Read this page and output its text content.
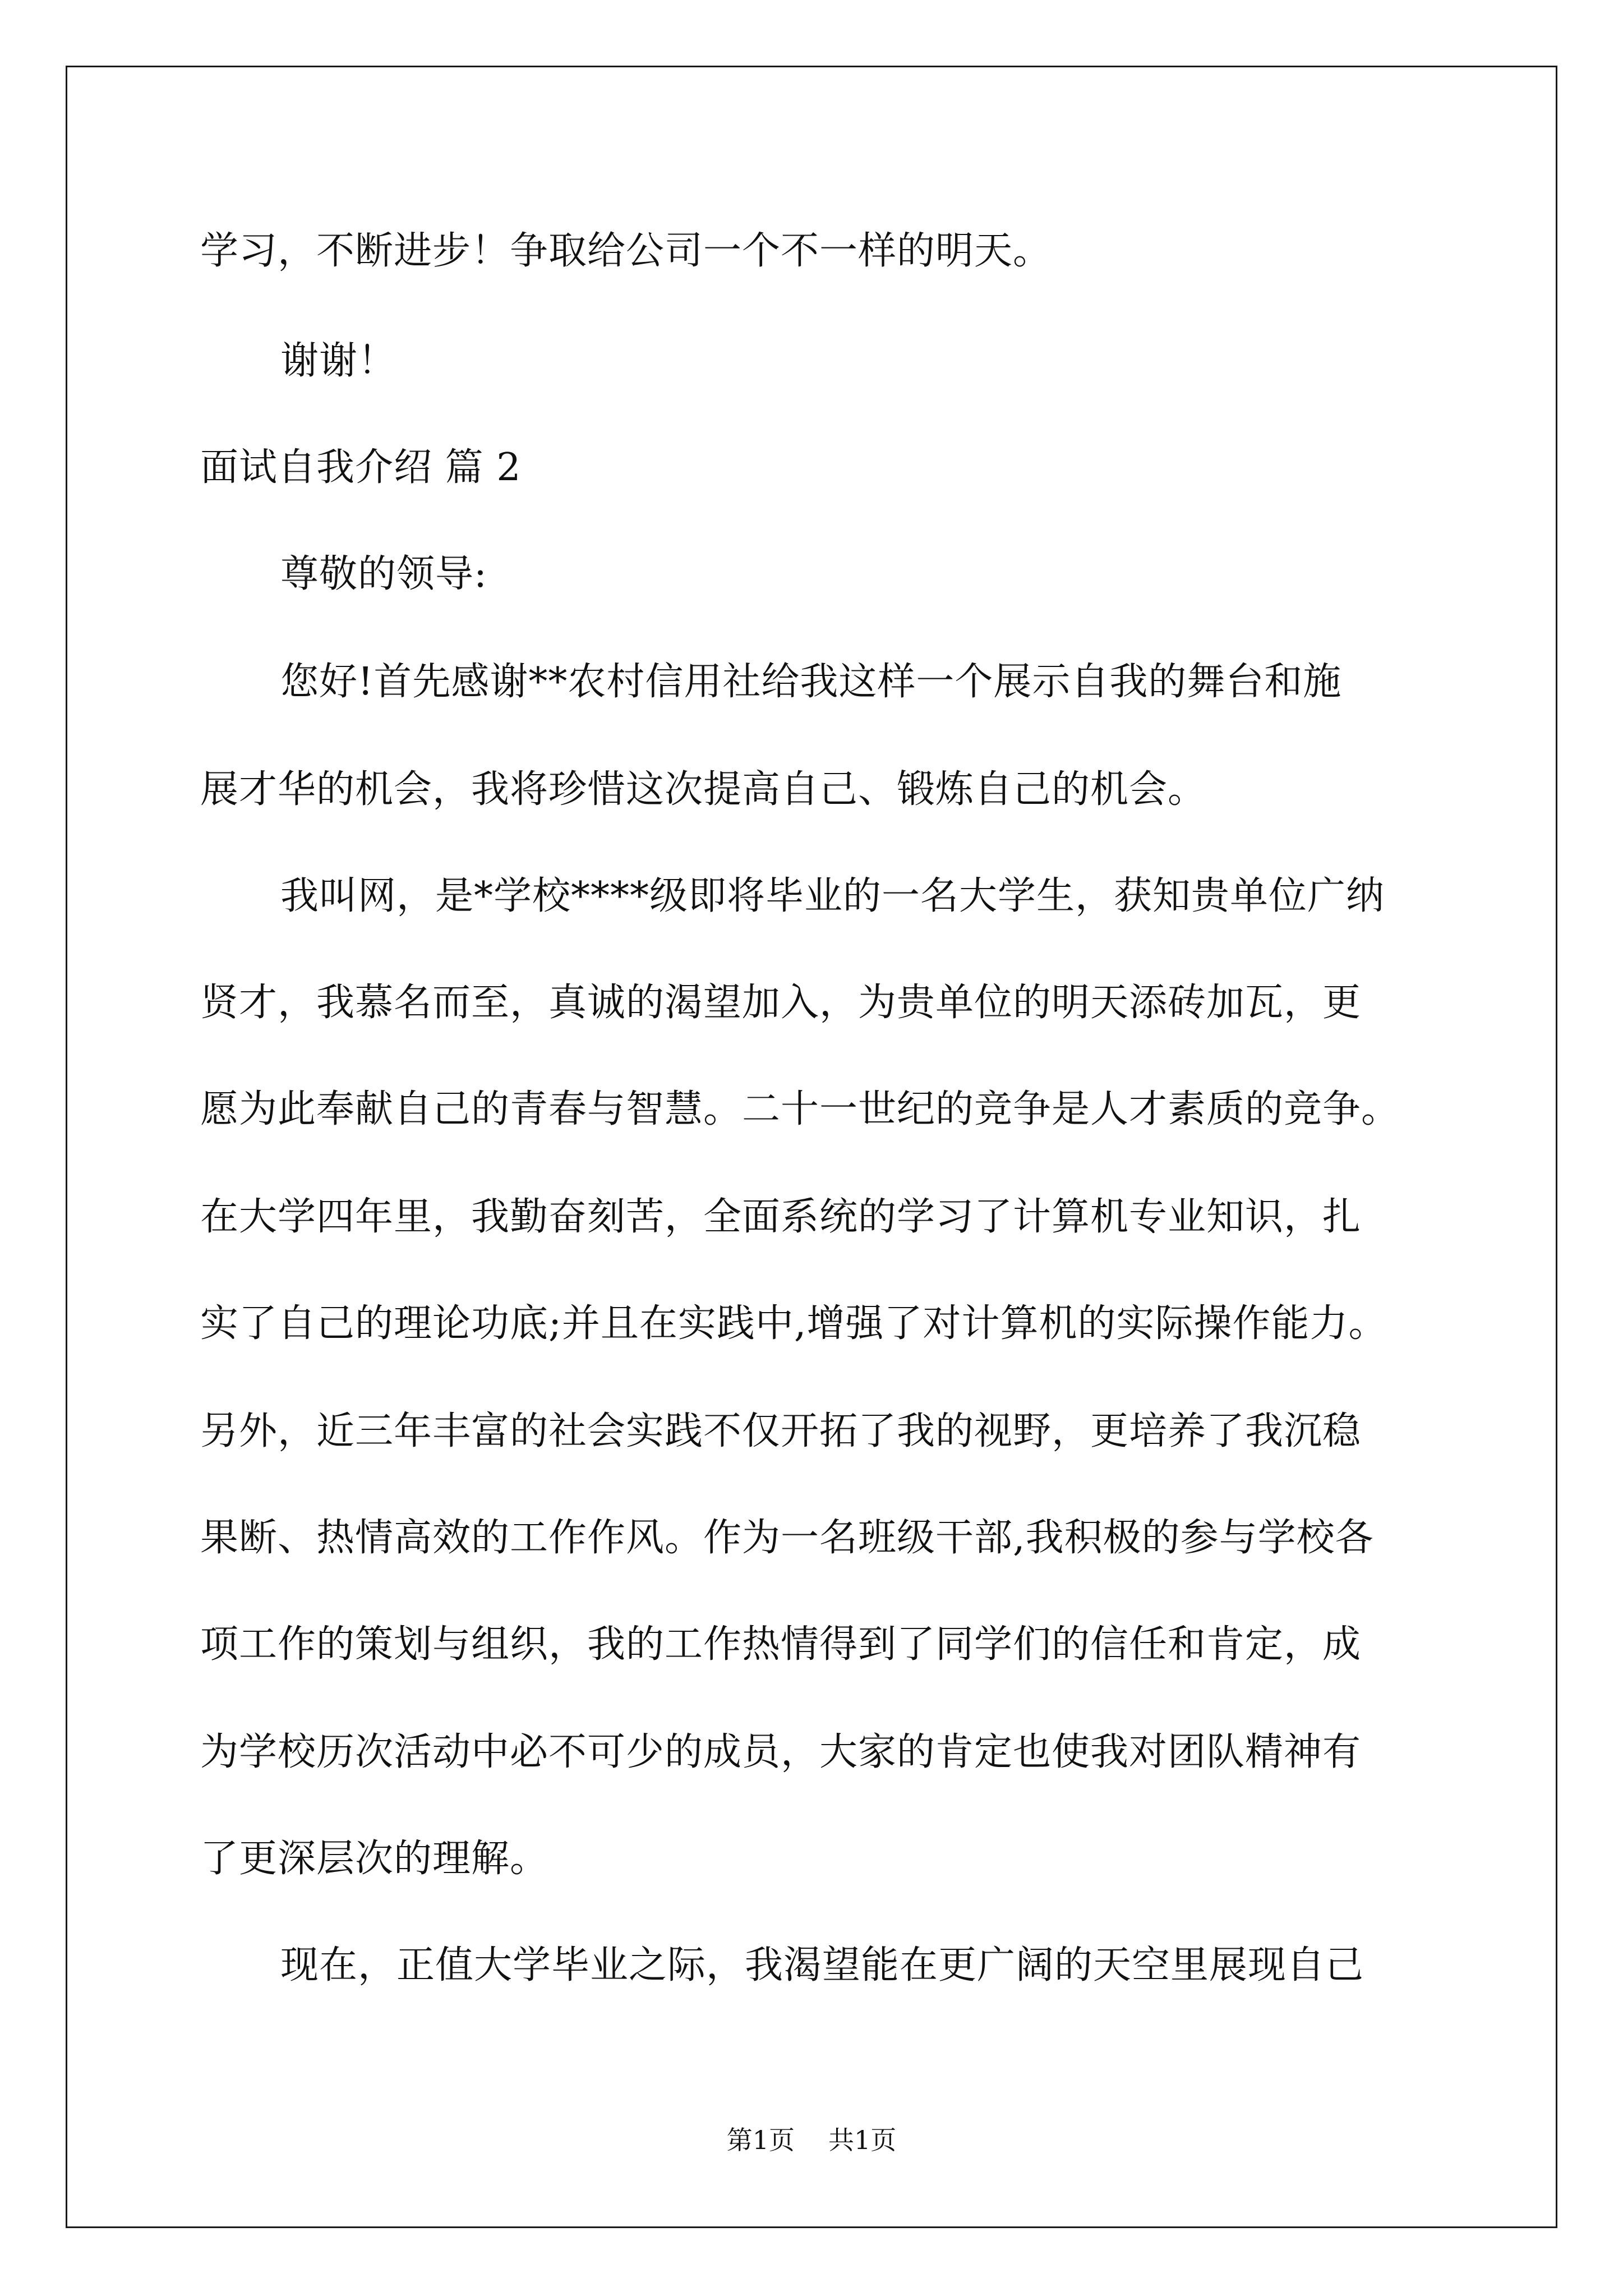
学习，不断进步！争取给公司一个不一样的明天。
谢谢！
面试自我介绍 篇 2
尊敬的领导:
您好!首先感谢**农村信用社给我这样一个展示自我的舞台和施
展才华的机会，我将珍惜这次提高自己、锻炼自己的机会。
我叫网，是*学校****级即将毕业的一名大学生，获知贵单位广纳
贤才，我慕名而至，真诚的渴望加入，为贵单位的明天添砖加瓦，更
愿为此奉献自己的青春与智慧。二十一世纪的竞争是人才素质的竞争。
在大学四年里，我勤奋刻苦，全面系统的学习了计算机专业知识，扎
实了自己的理论功底;并且在实践中,增强了对计算机的实际操作能力。
另外，近三年丰富的社会实践不仅开拓了我的视野，更培养了我沉稳
果断、热情高效的工作作风。作为一名班级干部,我积极的参与学校各
项工作的策划与组织，我的工作热情得到了同学们的信任和肯定，成
为学校历次活动中必不可少的成员，大家的肯定也使我对团队精神有
了更深层次的理解。
现在，正值大学毕业之际，我渴望能在更广阔的天空里展现自己
第1页 共1页
